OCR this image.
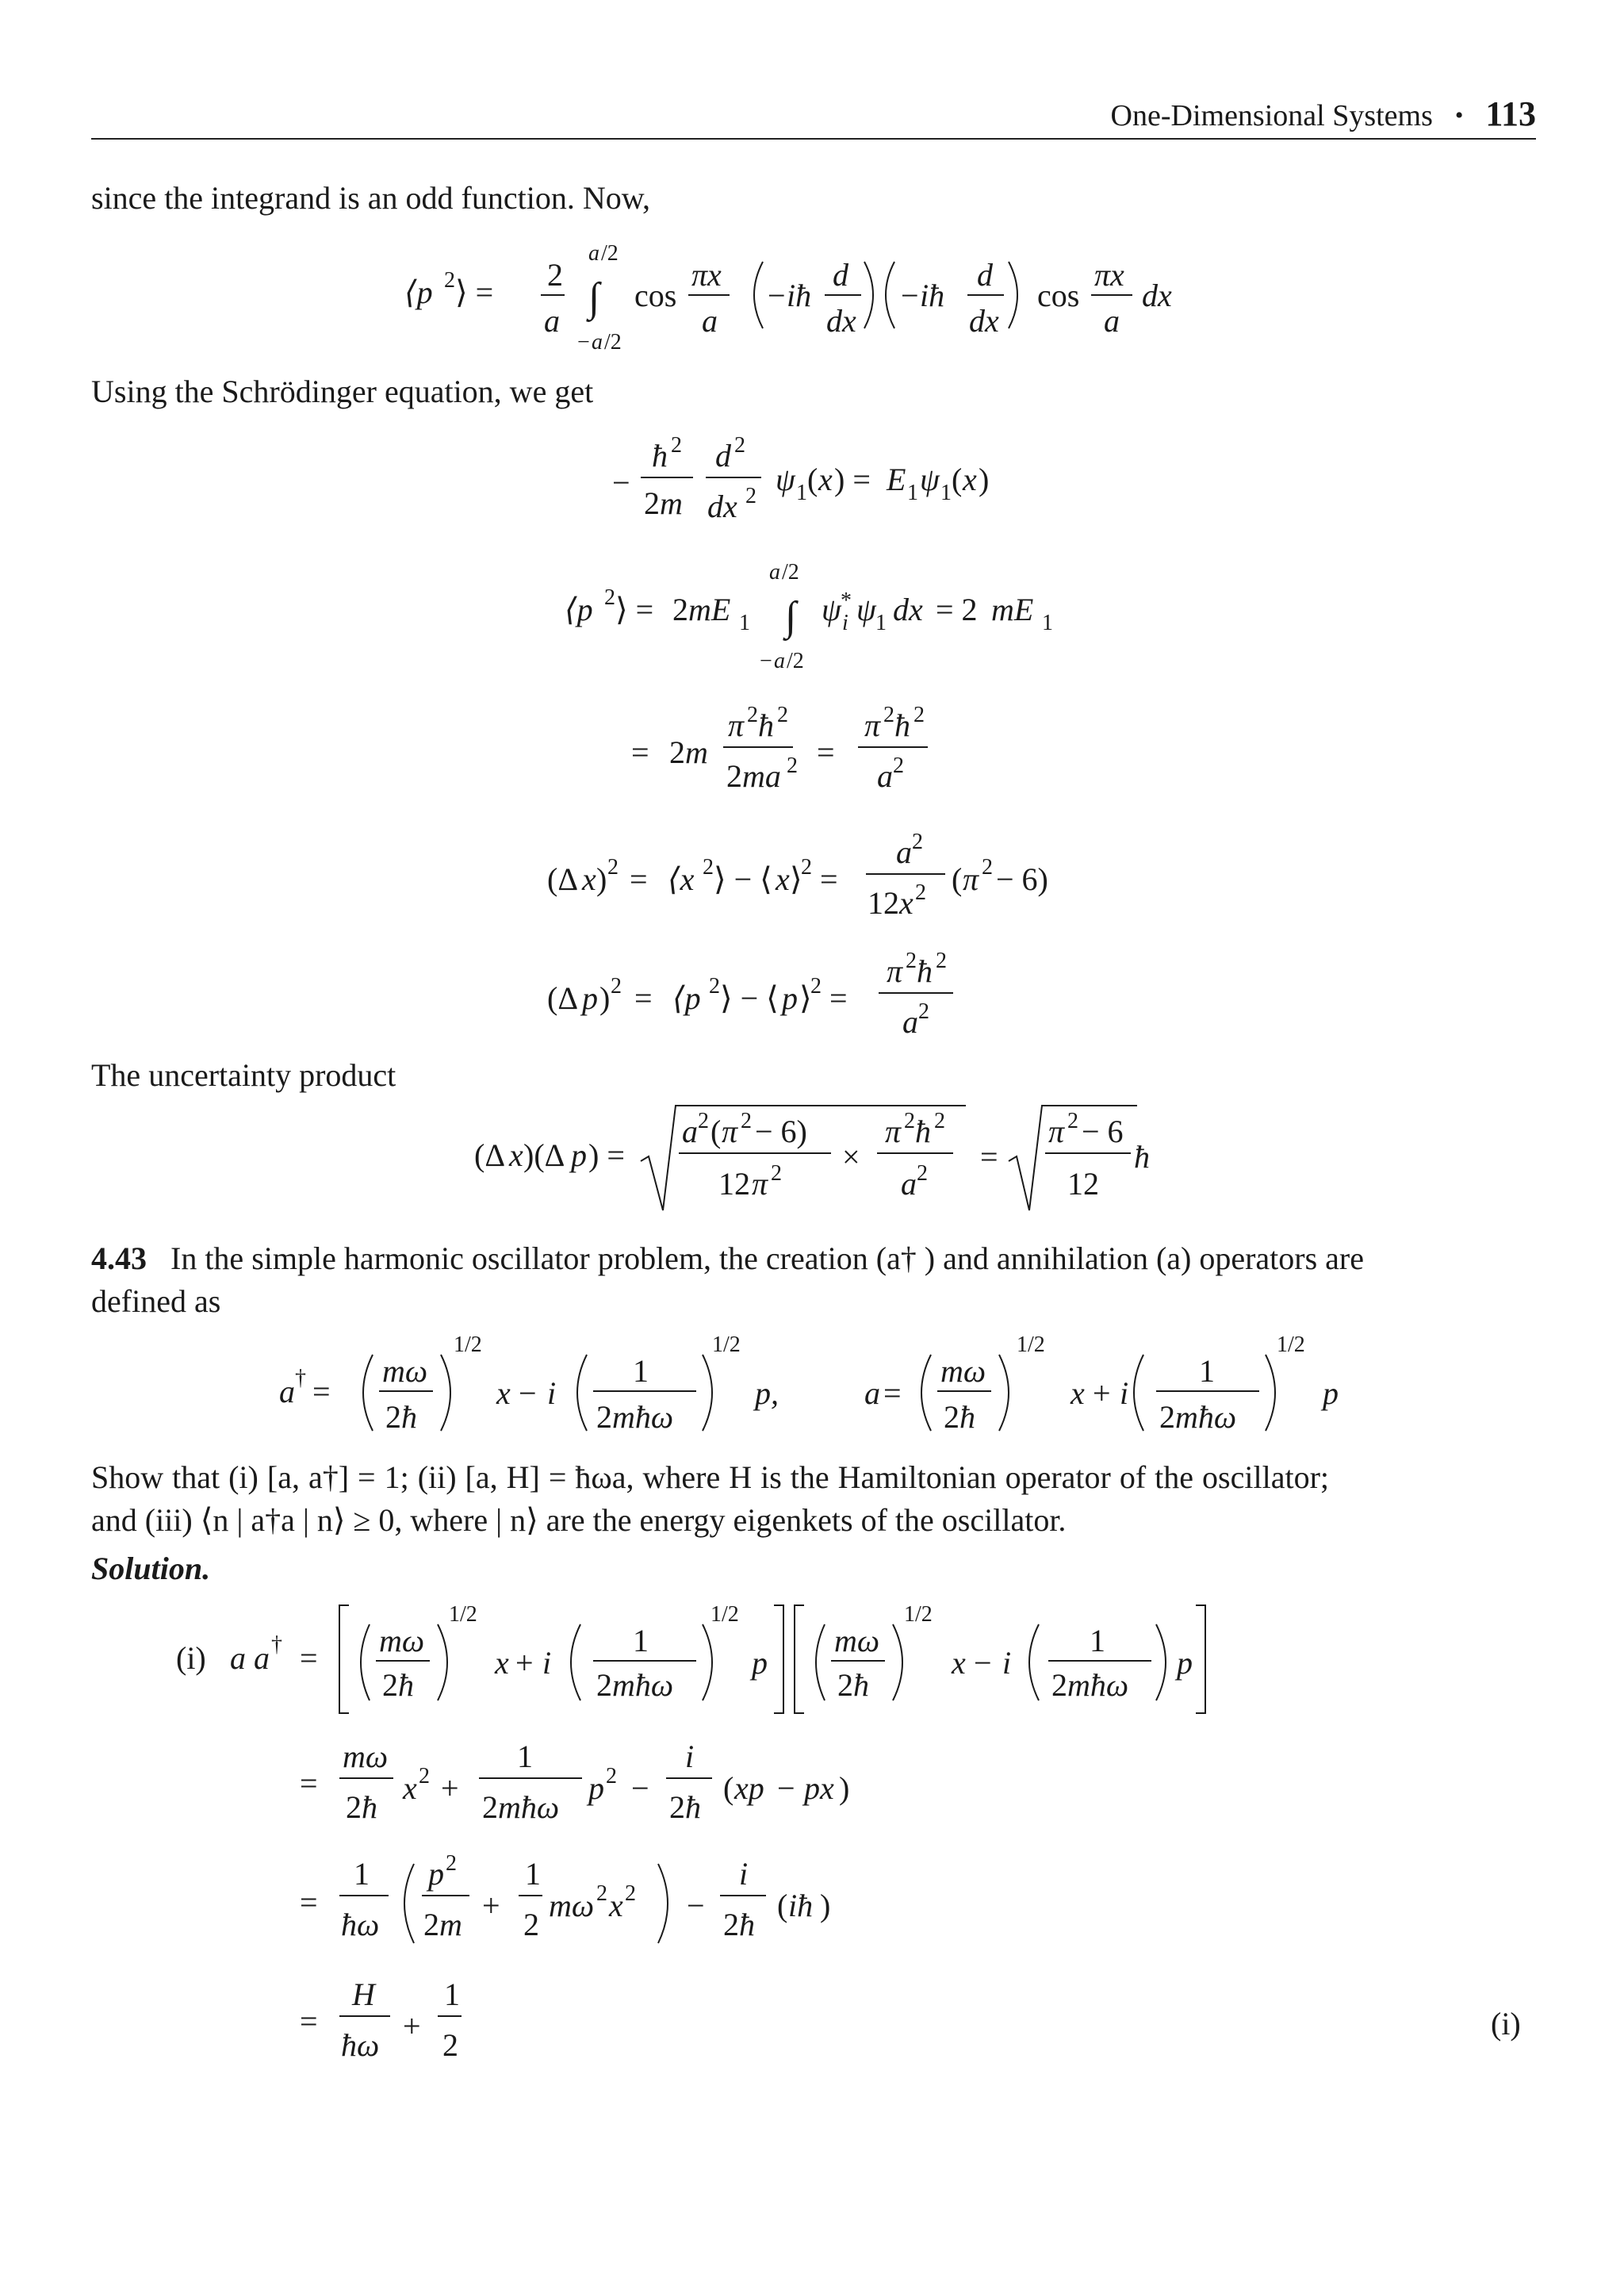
One-Dimensional Systems • 113
since the integrand is an odd function. Now,
⟨p 2 ⟩ = 2
a
a /2
∫
− a /2
cos
πx
a
− iħ
d
dx
− iħ
d
dx
cos
πx
a
dx
Using the Schrödinger equation, we get
−
ħ 2
2 m
d 2
dx 2 ψ 1 ( x ) = E 1 ψ 1 ( x )
⟨p 2 ⟩ = 2 mE 1
a /2
∫
− a /2
ψ *
i ψ 1 dx = 2 mE 1
= 2 m
π 2 ħ 2
2 ma 2 =
π 2 ħ 2
a 2
(Δ x ) 2 = ⟨x 2 ⟩ − ⟨ x ⟩
2 =
a 2
12 x 2 ( π 2 − 6)
(Δ p ) 2 = ⟨p 2 ⟩ − ⟨ p ⟩
2 =
π 2 ħ 2
a 2
The uncertainty product
(Δ x )(Δ p ) =
a 2 ( π 2 − 6)
12 π 2 ×
π 2 ħ 2
a 2 =
π 2 − 6
12
ħ
4.43 In the simple harmonic oscillator problem, the creation (a† ) and annihilation (a) operators are
defined as
a † =
mω
2 ħ
1/2
x − i
1
2 mħω
1/2
p,	a =
mω
2 ħ
1/2
x + i
1
2 mħω
1/2
p
Show that (i) [a, a†] = 1; (ii) [a, H] = ħωa, where H is the Hamiltonian operator of the oscillator;
and (iii) ⟨n | a†a | n⟩ ≥ 0, where | n⟩ are the energy eigenkets of the oscillator.
Solution.
(i) a a † = mω
2 ħ
1/2
x + i
1
2 mħω
1/2
p
mω
2 ħ
1/2
x − i
1
2 mħω
p
=
mω
2 ħ
x 2 +
1
2 mħω
p 2 −
i
2 ħ
( xp − px )
=
1
ħω
p 2
2 m
+
1
2
mω 2 x 2 −
i
2 ħ
( iħ )
=
H
ħω
+
1
2
(i)
